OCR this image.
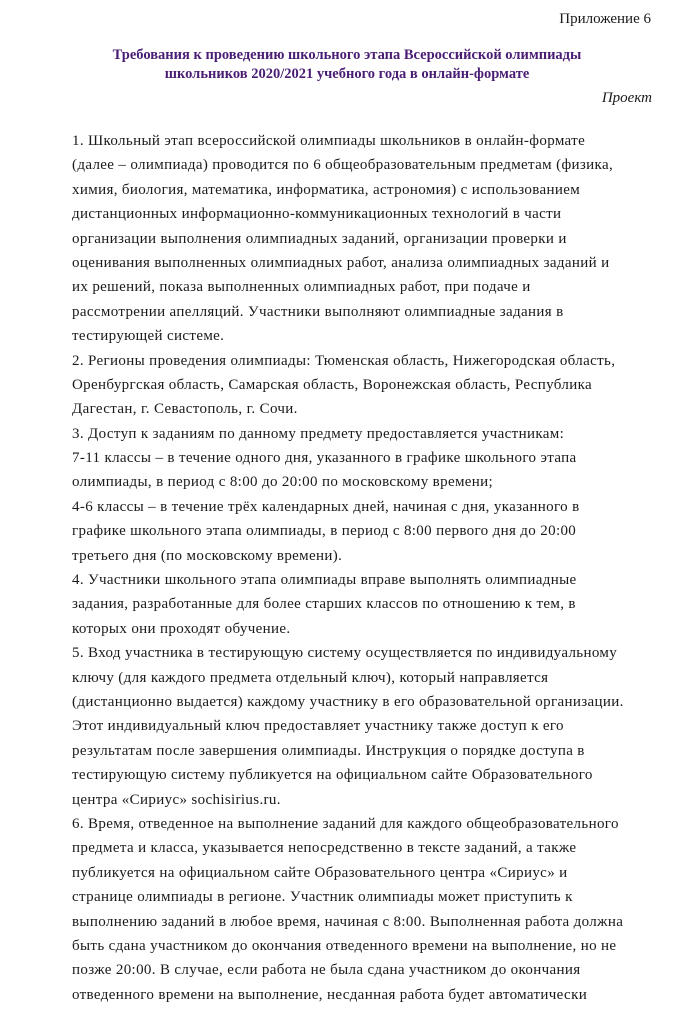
Приложение 6
Требования к проведению школьного этапа Всероссийской олимпиады
школьников 2020/2021 учебного года в онлайн-формате
Проект
1. Школьный этап всероссийской олимпиады школьников в онлайн-формате
(далее – олимпиада) проводится по 6 общеобразовательным предметам (физика,
химия, биология, математика, информатика, астрономия) с использованием
дистанционных информационно-коммуникационных технологий в части
организации выполнения олимпиадных заданий, организации проверки и
оценивания выполненных олимпиадных работ, анализа олимпиадных заданий и
их решений, показа выполненных олимпиадных работ, при подаче и
рассмотрении апелляций. Участники выполняют олимпиадные задания в
тестирующей системе.
2. Регионы проведения олимпиады: Тюменская область, Нижегородская область,
Оренбургская область, Самарская область, Воронежская область, Республика
Дагестан, г. Севастополь, г. Сочи.
3. Доступ к заданиям по данному предмету предоставляется участникам:
7-11 классы – в течение одного дня, указанного в графике школьного этапа
олимпиады, в период с 8:00 до 20:00 по московскому времени;
4-6 классы – в течение трёх календарных дней, начиная с дня, указанного в
графике школьного этапа олимпиады, в период с 8:00 первого дня до 20:00
третьего дня (по московскому времени).
4. Участники школьного этапа олимпиады вправе выполнять олимпиадные
задания, разработанные для более старших классов по отношению к тем, в
которых они проходят обучение.
5. Вход участника в тестирующую систему осуществляется по индивидуальному
ключу (для каждого предмета отдельный ключ), который направляется
(дистанционно выдается) каждому участнику в его образовательной организации.
Этот индивидуальный ключ предоставляет участнику также доступ к его
результатам после завершения олимпиады. Инструкция о порядке доступа в
тестирующую систему публикуется на официальном сайте Образовательного
центра «Сириус» sochisirius.ru.
6. Время, отведенное на выполнение заданий для каждого общеобразовательного
предмета и класса, указывается непосредственно в тексте заданий, а также
публикуется на официальном сайте Образовательного центра «Сириус» и
странице олимпиады в регионе. Участник олимпиады может приступить к
выполнению заданий в любое время, начиная с 8:00. Выполненная работа должна
быть сдана участником до окончания отведенного времени на выполнение, но не
позже 20:00. В случае, если работа не была сдана участником до окончания
отведенного времени на выполнение, несданная работа будет автоматически
